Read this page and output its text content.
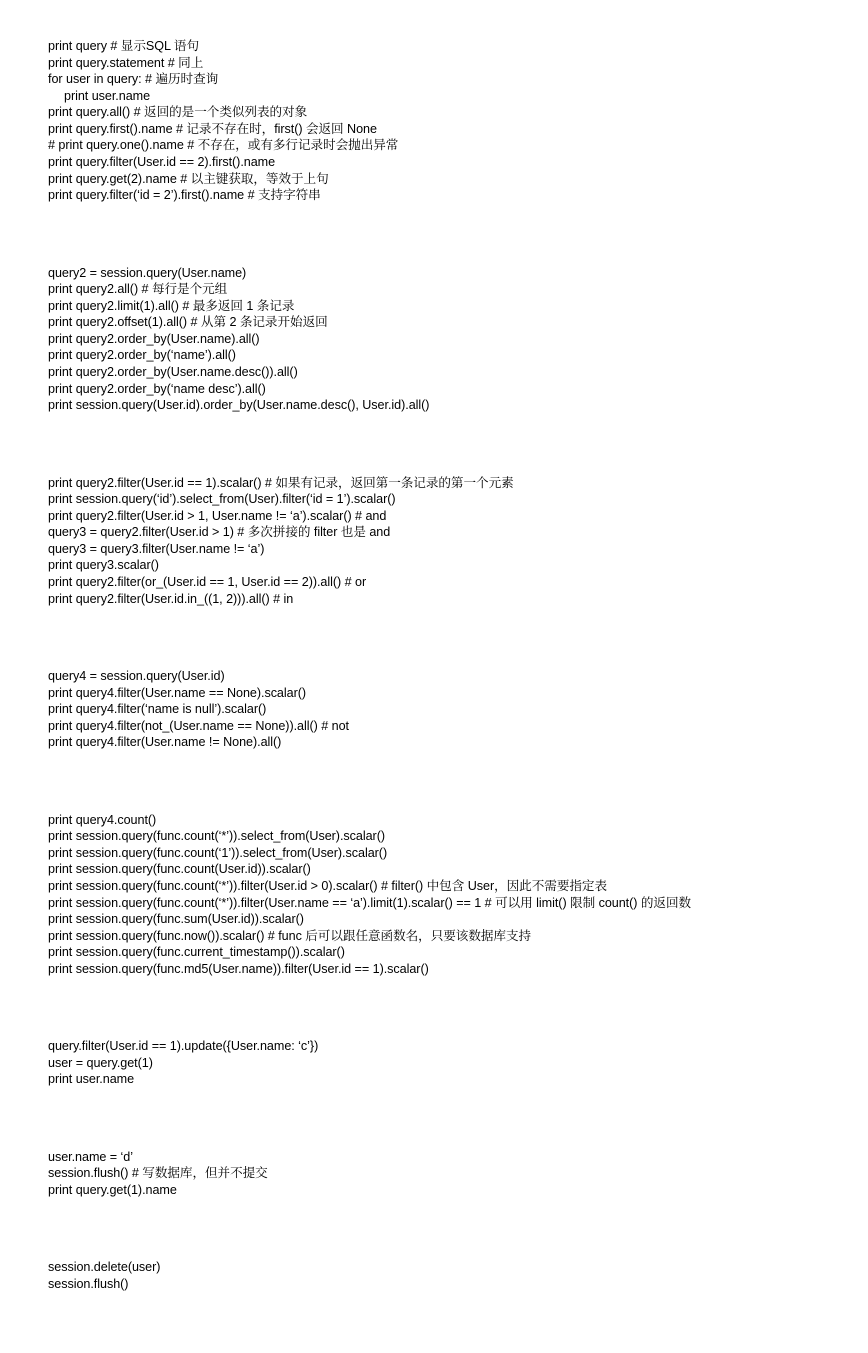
print query # 显示SQL 语句
print query.statement # 同上
for user in query: # 遍历时查询
print user.name
print query.all() # 返回的是一个类似列表的对象
print query.first().name # 记录不存在时，first() 会返回 None
# print query.one().name # 不存在，或有多行记录时会抛出异常
print query.filter(User.id == 2).first().name
print query.get(2).name # 以主键获取，等效于上句
print query.filter(‘id = 2’).first().name # 支持字符串
query2 = session.query(User.name)
print query2.all() # 每行是个元组
print query2.limit(1).all() # 最多返回 1 条记录
print query2.offset(1).all() # 从第 2 条记录开始返回
print query2.order_by(User.name).all()
print query2.order_by(‘name’).all()
print query2.order_by(User.name.desc()).all()
print query2.order_by(‘name desc’).all()
print session.query(User.id).order_by(User.name.desc(), User.id).all()
print query2.filter(User.id == 1).scalar() # 如果有记录，返回第一条记录的第一个元素
print session.query(‘id’).select_from(User).filter(‘id = 1’).scalar()
print query2.filter(User.id > 1, User.name != ‘a’).scalar() # and
query3 = query2.filter(User.id > 1) # 多次拼接的 filter 也是 and
query3 = query3.filter(User.name != ‘a’)
print query3.scalar()
print query2.filter(or_(User.id == 1, User.id == 2)).all() # or
print query2.filter(User.id.in_((1, 2))).all() # in
query4 = session.query(User.id)
print query4.filter(User.name == None).scalar()
print query4.filter(‘name is null’).scalar()
print query4.filter(not_(User.name == None)).all() # not
print query4.filter(User.name != None).all()
print query4.count()
print session.query(func.count(‘*’)).select_from(User).scalar()
print session.query(func.count(‘1’)).select_from(User).scalar()
print session.query(func.count(User.id)).scalar()
print session.query(func.count(‘*’)).filter(User.id > 0).scalar() # filter() 中包含 User，因此不需要指定表
print session.query(func.count(‘*’)).filter(User.name == ‘a’).limit(1).scalar() == 1 # 可以用 limit() 限制 count() 的返回数
print session.query(func.sum(User.id)).scalar()
print session.query(func.now()).scalar() # func 后可以跟任意函数名，只要该数据库支持
print session.query(func.current_timestamp()).scalar()
print session.query(func.md5(User.name)).filter(User.id == 1).scalar()
query.filter(User.id == 1).update({User.name: ‘c’})
user = query.get(1)
print user.name
user.name = ‘d’
session.flush() # 写数据库，但并不提交
print query.get(1).name
session.delete(user)
session.flush()
